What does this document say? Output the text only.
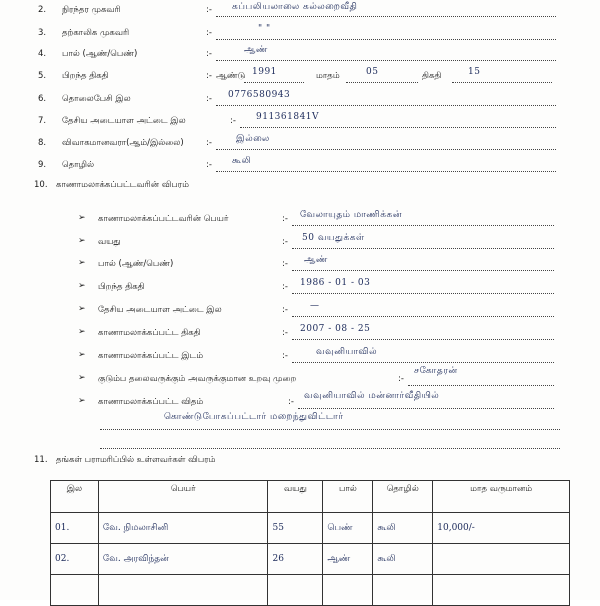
2. நிரந்தர முகவரி	:- கப்பலியலாலை கல்லறைவீதி
3. தற்காலிக முகவரி	:-	" "
4. பால் (ஆண்/பெண்)	:-	ஆண்
5. பிறந்த திகதி	:- ஆண்டு 1991	மாதம்	05	திகதி	15
6. தொலைபேசி இல	:- 0776580943
7. தேசிய அடையாள அட்டை இல	:- 911361841V
8. விவாகமானவரா(ஆம்/இல்லை)	:-	இல்லை
9. தொழில்	:- கூலி
10. காணாமலாக்கப்பட்டவரின் விபரம்
➢ காணாமலாக்கப்பட்டவரின் பெயர்	:- வேலாயுதம் மாணிக்கன்
➢ வயது	:- 50 வயதுக்கள்
➢ பால் (ஆண்/பெண்)	:- ஆண்
➢ பிறந்த திகதி	:- 1986 - 01 - 03
➢ தேசிய அடையாள அட்டை இல	:- —
➢ காணாமலாக்கப்பட்ட திகதி	:- 2007 - 08 - 25
➢ காணாமலாக்கப்பட்ட இடம்	:-	வவுனியாவில்
➢ குடும்ப தலைவருக்கும் அவருக்குமான உறவு முறை	:-
சகோதரன்
➢ காணாமலாக்கப்பட்ட விதம்	:-
வவுனியாவில் மன்னார்வீதியில்
கொண்டுபோகப்பட்டார் மறைந்துவிட்டார்
11. தங்கள் பராமரிப்பில் உள்ளவர்கள் விபரம்
இல	பெயர்	வயது	பால்	தொழில்	மாத வருமானம்
01.	வே. நிமலாசினி	55	பெண்	கூலி	10,000/-
02.	வே. அரவிந்தன்	26	ஆண்	கூலி	
